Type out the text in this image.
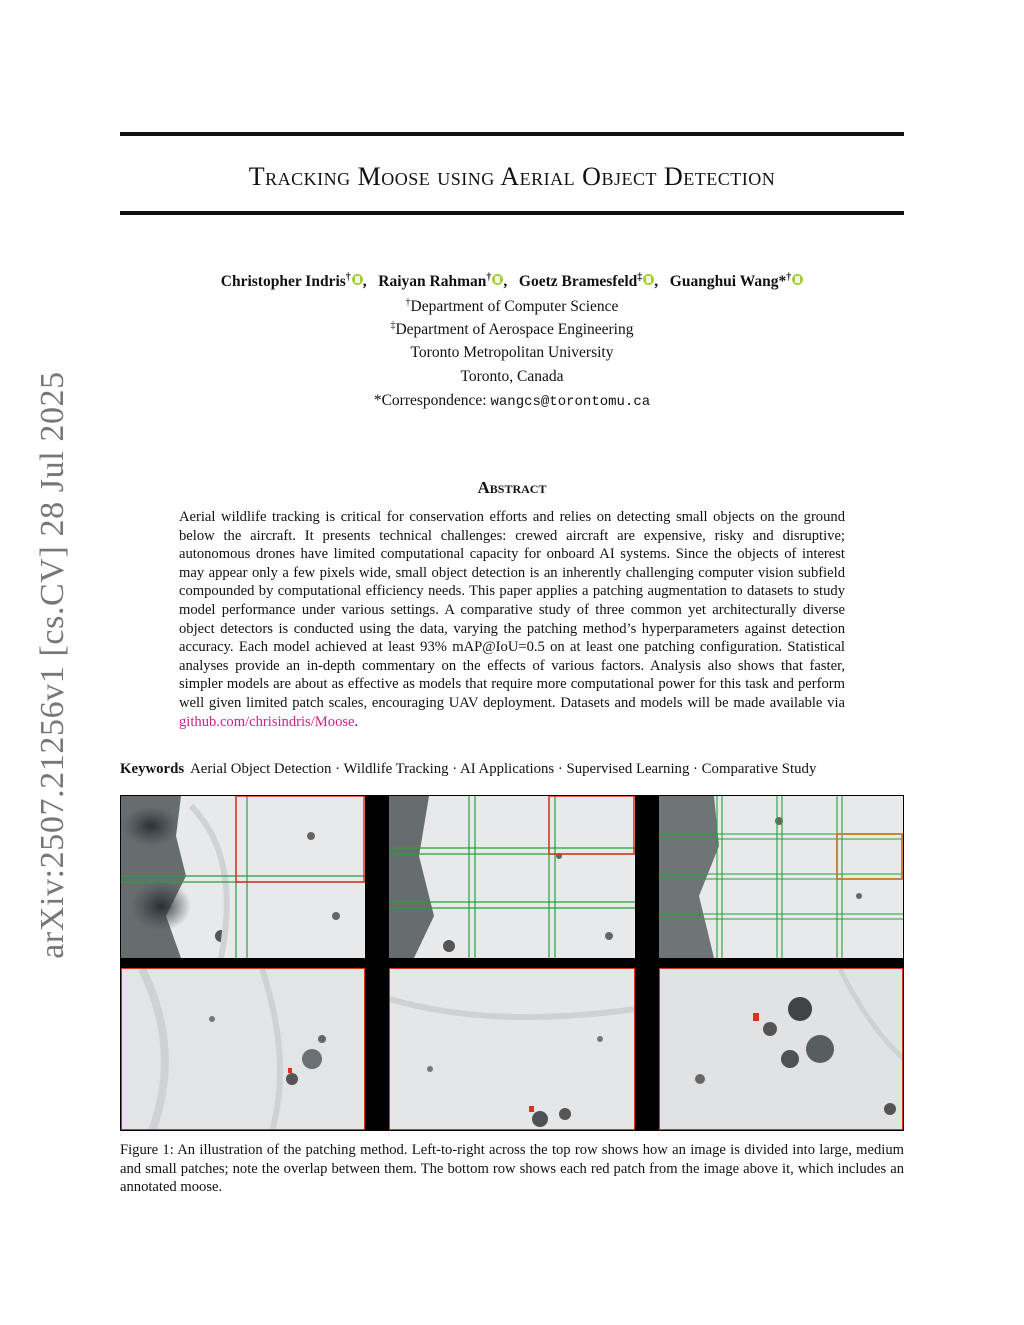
arXiv:2507.21256v1 [cs.CV] 28 Jul 2025
Tracking Moose using Aerial Object Detection
Christopher Indris† ,   Raiyan Rahman† ,   Goetz Bramesfeld‡ ,   Guanghui Wang*†
†Department of Computer Science
‡Department of Aerospace Engineering
Toronto Metropolitan University
Toronto, Canada
*Correspondence: wangcs@torontomu.ca
Abstract
Aerial wildlife tracking is critical for conservation efforts and relies on detecting small objects on the ground below the aircraft. It presents technical challenges: crewed aircraft are expensive, risky and disruptive; autonomous drones have limited computational capacity for onboard AI systems. Since the objects of interest may appear only a few pixels wide, small object detection is an inherently challenging computer vision subfield compounded by computational efficiency needs. This paper applies a patching augmentation to datasets to study model performance under various settings. A comparative study of three common yet architecturally diverse object detectors is conducted using the data, varying the patching method’s hyperparameters against detection accuracy. Each model achieved at least 93% mAP@IoU=0.5 on at least one patching configuration. Statistical analyses provide an in-depth commentary on the effects of various factors. Analysis also shows that faster, simpler models are about as effective as models that require more computational power for this task and perform well given limited patch scales, encouraging UAV deployment. Datasets and models will be made available via github.com/chrisindris/Moose.
Keywords Aerial Object Detection · Wildlife Tracking · AI Applications · Supervised Learning · Comparative Study
Figure 1: An illustration of the patching method. Left-to-right across the top row shows how an image is divided into large, medium and small patches; note the overlap between them. The bottom row shows each red patch from the image above it, which includes an annotated moose.
